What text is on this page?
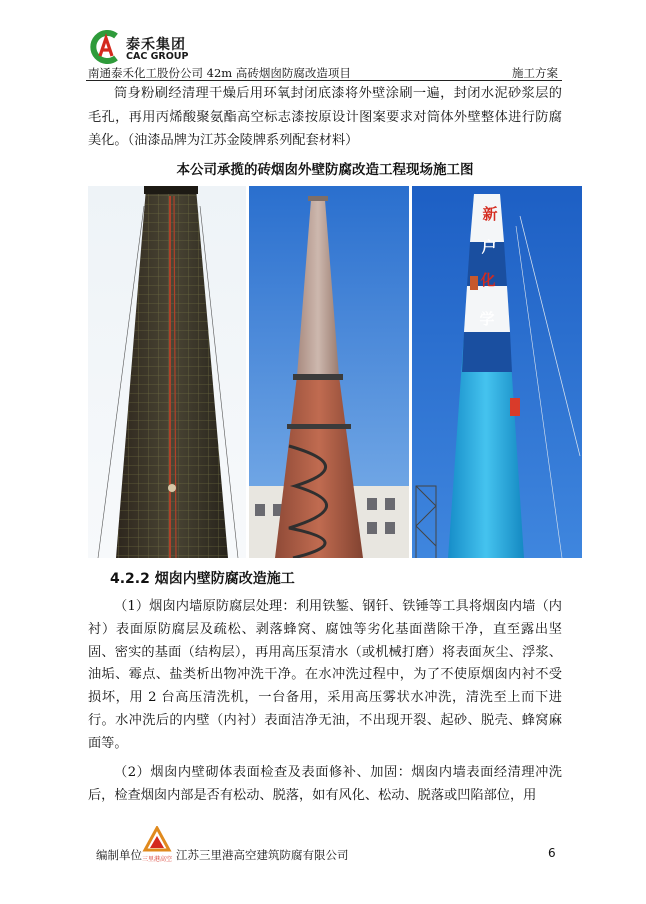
泰禾集团
CAC GROUP
南通泰禾化工股份公司 42m 高砖烟囱防腐改造项目	施工方案
筒身粉刷经清理干燥后用环氧封闭底漆将外壁涂刷一遍，封闭水泥砂浆层的毛孔，再用丙烯酸聚氨酯高空标志漆按原设计图案要求对筒体外壁整体进行防腐美化。（油漆品牌为江苏金陵牌系列配套材料）
本公司承揽的砖烟囱外壁防腐改造工程现场施工图
新
户
化
学
4.2.2 烟囱内壁防腐改造施工
（1）烟囱内墙原防腐层处理：利用铁錾、钢钎、铁锤等工具将烟囱内墙（内衬）表面原防腐层及疏松、剥落蜂窝、腐蚀等劣化基面凿除干净，直至露出坚固、密实的基面（结构层），再用高压泵清水（或机械打磨）将表面灰尘、浮浆、油垢、霉点、盐类析出物冲洗干净。在水冲洗过程中，为了不使原烟囱内衬不受损坏，用 2 台高压清洗机，一台备用，采用高压雾状水冲洗，清洗至上而下进行。水冲洗后的内壁（内衬）表面洁净无油，不出现开裂、起砂、脱壳、蜂窝麻面等。
（2）烟囱内壁砌体表面检查及表面修补、加固：烟囱内墙表面经清理冲洗后，检查烟囱内部是否有松动、脱落，如有风化、松动、脱落或凹陷部位，用
编制单位 三里港高空 江苏三里港高空建筑防腐有限公司	6
